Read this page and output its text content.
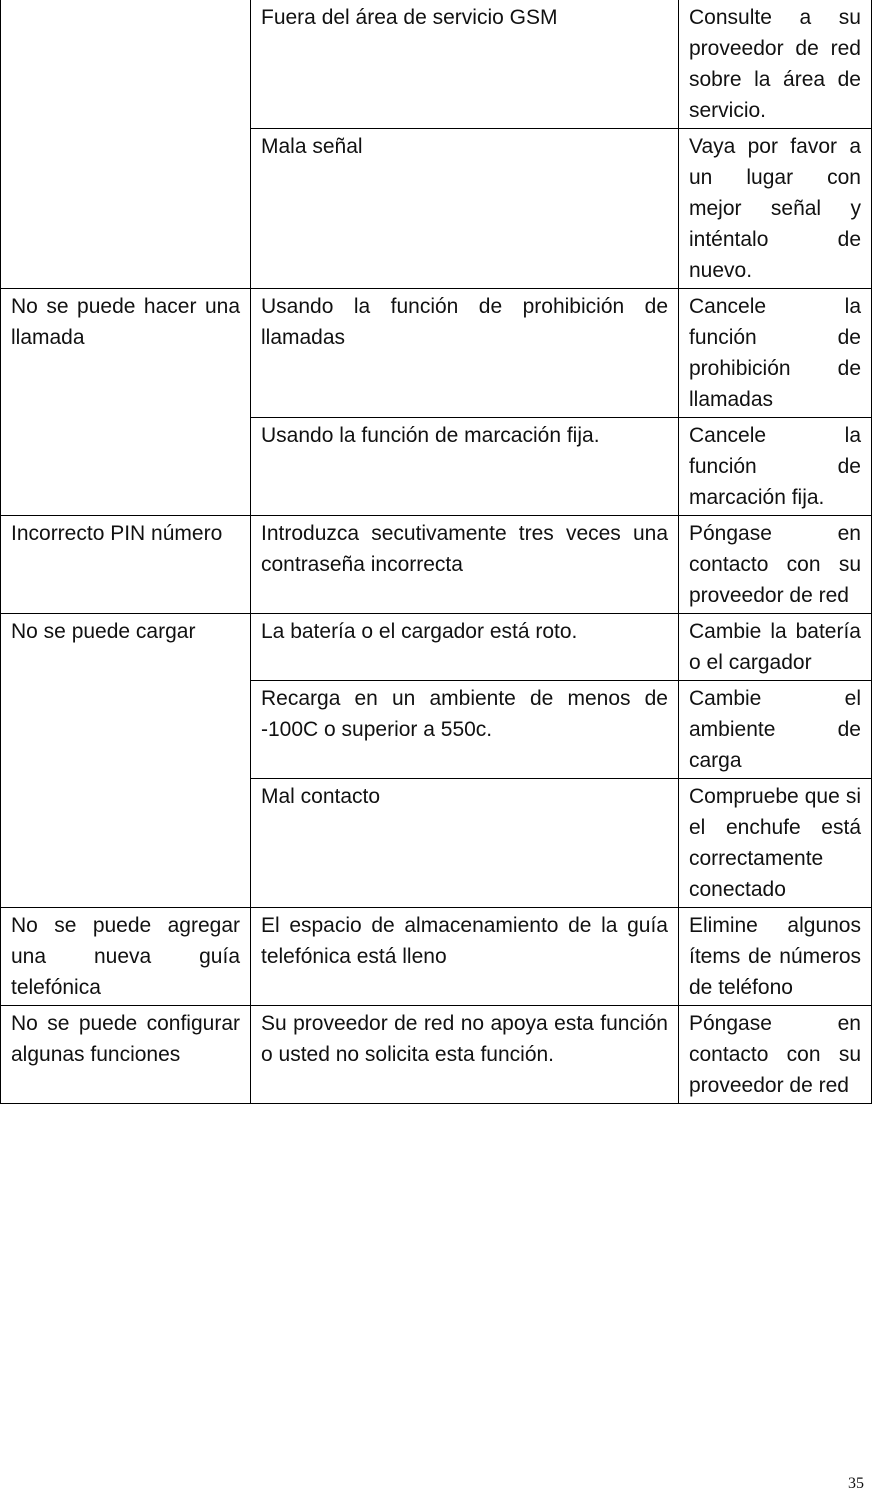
	Fuera del área de servicio GSM	Consulte a su proveedor de red sobre la área de servicio.
	Mala señal	Vaya por favor a un lugar con mejor señal y inténtalo de nuevo.
No se puede hacer una llamada	Usando la función de prohibición de llamadas	Cancele la función de prohibición de llamadas
	Usando la función de marcación fija.	Cancele la función de marcación fija.
Incorrecto PIN número	Introduzca secutivamente tres veces una contraseña incorrecta	Póngase en contacto con su proveedor de red
No se puede cargar	La batería o el cargador está roto.	Cambie la batería o el cargador
	Recarga en un ambiente de menos de -100C o superior a 550c.	Cambie el ambiente de carga
	Mal contacto	Compruebe que si el enchufe está correctamente conectado
No se puede agregar una nueva guía telefónica	El espacio de almacenamiento de la guía telefónica está lleno	Elimine algunos ítems de números de teléfono
No se puede configurar algunas funciones	Su proveedor de red no apoya esta función o usted no solicita esta función.	Póngase en contacto con su proveedor de red
35
